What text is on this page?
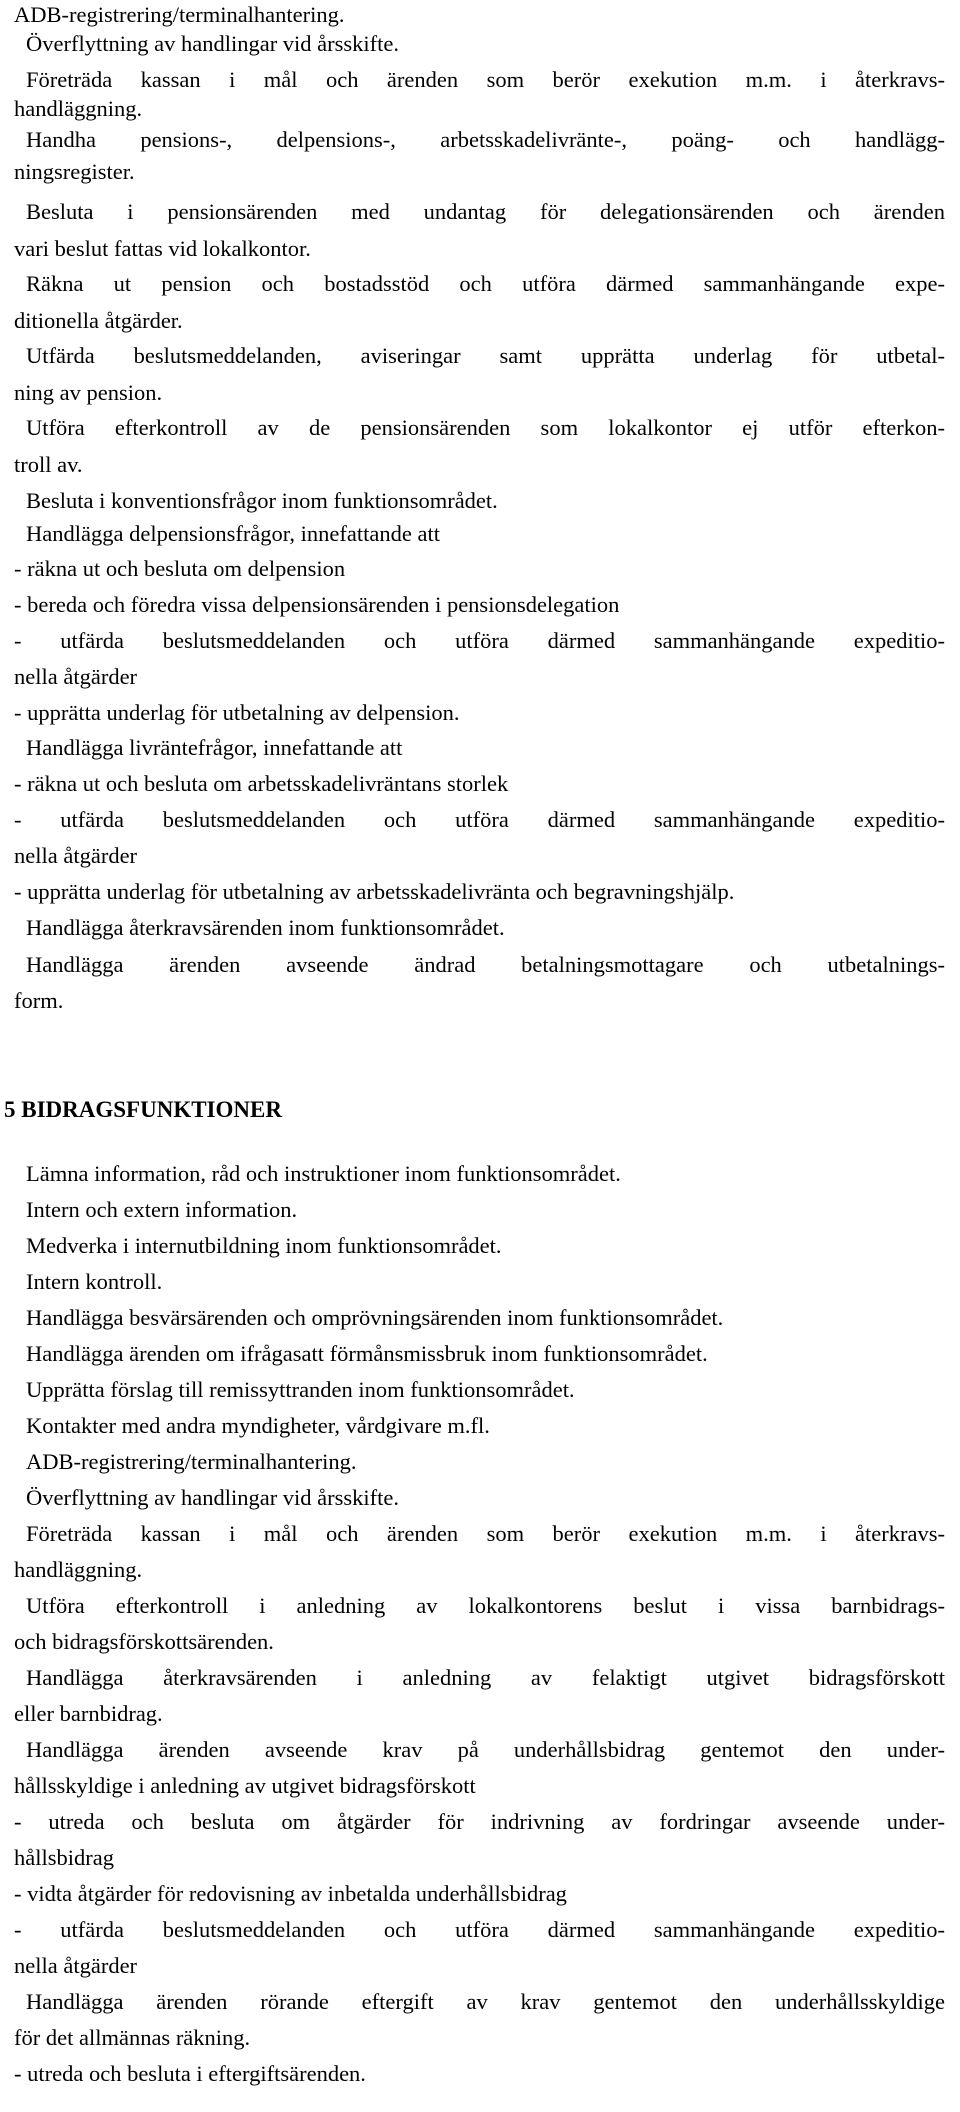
ADB-registrering/terminalhantering.
Överflyttning av handlingar vid årsskifte.
Företräda kassan i mål och ärenden som berör exekution m.m. i återkravs-
handläggning.
Handha pensions-, delpensions-, arbetsskadelivränte-, poäng- och handlägg-
ningsregister.
Besluta i pensionsärenden med undantag för delegationsärenden och ärenden
vari beslut fattas vid lokalkontor.
Räkna ut pension och bostadsstöd och utföra därmed sammanhängande expe-
ditionella åtgärder.
Utfärda beslutsmeddelanden, aviseringar samt upprätta underlag för utbetal-
ning av pension.
Utföra efterkontroll av de pensionsärenden som lokalkontor ej utför efterkon-
troll av.
Besluta i konventionsfrågor inom funktionsområdet.
Handlägga delpensionsfrågor, innefattande att
- räkna ut och besluta om delpension
- bereda och föredra vissa delpensionsärenden i pensionsdelegation
- utfärda beslutsmeddelanden och utföra därmed sammanhängande expeditio-
nella åtgärder
- upprätta underlag för utbetalning av delpension.
Handlägga livräntefrågor, innefattande att
- räkna ut och besluta om arbetsskadelivräntans storlek
- utfärda beslutsmeddelanden och utföra därmed sammanhängande expeditio-
nella åtgärder
- upprätta underlag för utbetalning av arbetsskadelivränta och begravningshjälp.
Handlägga återkravsärenden inom funktionsområdet.
Handlägga ärenden avseende ändrad betalningsmottagare och utbetalnings-
form.
5 BIDRAGSFUNKTIONER
Lämna information, råd och instruktioner inom funktionsområdet.
Intern och extern information.
Medverka i internutbildning inom funktionsområdet.
Intern kontroll.
Handlägga besvärsärenden och omprövningsärenden inom funktionsområdet.
Handlägga ärenden om ifrågasatt förmånsmissbruk inom funktionsområdet.
Upprätta förslag till remissyttranden inom funktionsområdet.
Kontakter med andra myndigheter, vårdgivare m.fl.
ADB-registrering/terminalhantering.
Överflyttning av handlingar vid årsskifte.
Företräda kassan i mål och ärenden som berör exekution m.m. i återkravs-
handläggning.
Utföra efterkontroll i anledning av lokalkontorens beslut i vissa barnbidrags-
och bidragsförskottsärenden.
Handlägga återkravsärenden i anledning av felaktigt utgivet bidragsförskott
eller barnbidrag.
Handlägga ärenden avseende krav på underhållsbidrag gentemot den under-
hållsskyldige i anledning av utgivet bidragsförskott
- utreda och besluta om åtgärder för indrivning av fordringar avseende under-
hållsbidrag
- vidta åtgärder för redovisning av inbetalda underhållsbidrag
- utfärda beslutsmeddelanden och utföra därmed sammanhängande expeditio-
nella åtgärder
Handlägga ärenden rörande eftergift av krav gentemot den underhållsskyldige
för det allmännas räkning.
- utreda och besluta i eftergiftsärenden.
